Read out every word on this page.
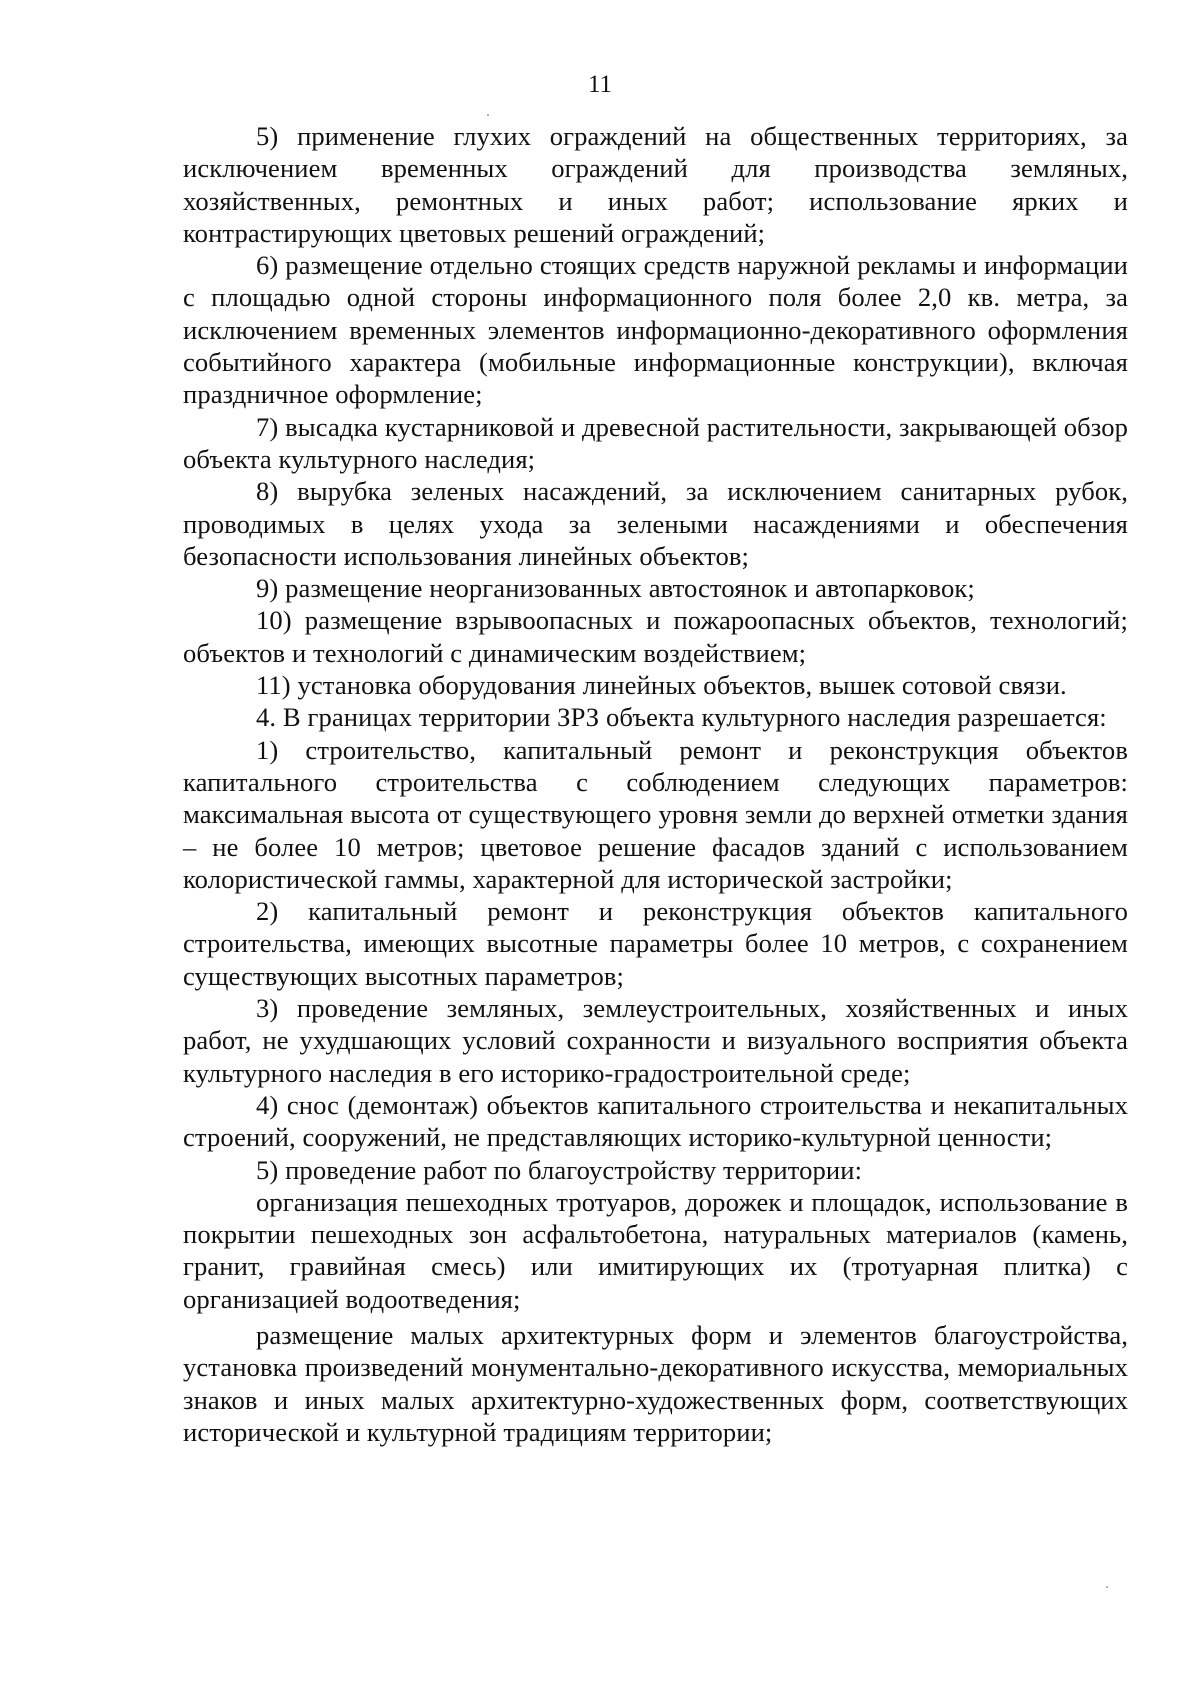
11

5) применение глухих ограждений на общественных территориях, за исключением временных ограждений для производства земляных, хозяйственных, ремонтных и иных работ; использование ярких и контрастирующих цветовых решений ограждений;

6) размещение отдельно стоящих средств наружной рекламы и информации с площадью одной стороны информационного поля более 2,0 кв. метра, за исключением временных элементов информационно-декоративного оформления событийного характера (мобильные информационные конструкции), включая праздничное оформление;

7) высадка кустарниковой и древесной растительности, закрывающей обзор объекта культурного наследия;

8) вырубка зеленых насаждений, за исключением санитарных рубок, проводимых в целях ухода за зелеными насаждениями и обеспечения безопасности использования линейных объектов;

9) размещение неорганизованных автостоянок и автопарковок;

10) размещение взрывоопасных и пожароопасных объектов, технологий; объектов и технологий с динамическим воздействием;

11) установка оборудования линейных объектов, вышек сотовой связи.

4. В границах территории ЗРЗ объекта культурного наследия разрешается:

1) строительство, капитальный ремонт и реконструкция объектов капитального строительства с соблюдением следующих параметров: максимальная высота от существующего уровня земли до верхней отметки здания – не более 10 метров; цветовое решение фасадов зданий с использованием колористической гаммы, характерной для исторической застройки;

2) капитальный ремонт и реконструкция объектов капитального строительства, имеющих высотные параметры более 10 метров, с сохранением существующих высотных параметров;

3) проведение земляных, землеустроительных, хозяйственных и иных работ, не ухудшающих условий сохранности и визуального восприятия объекта культурного наследия в его историко-градостроительной среде;

4) снос (демонтаж) объектов капитального строительства и некапитальных строений, сооружений, не представляющих историко-культурной ценности;

5) проведение работ по благоустройству территории:

организация пешеходных тротуаров, дорожек и площадок, использование в покрытии пешеходных зон асфальтобетона, натуральных материалов (камень, гранит, гравийная смесь) или имитирующих их (тротуарная плитка) с организацией водоотведения;

размещение малых архитектурных форм и элементов благоустройства, установка произведений монументально-декоративного искусства, мемориальных знаков и иных малых архитектурно-художественных форм, соответствующих исторической и культурной традициям территории;
